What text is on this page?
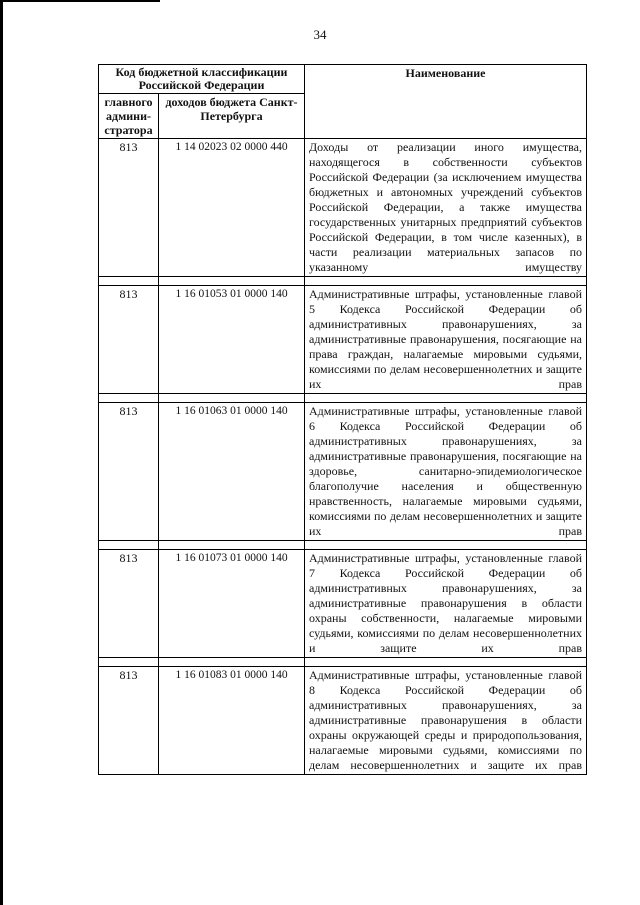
34
Код бюджетной классификации Российской Федерации		Наименование
главного админи-стратора	доходов бюджета Санкт-Петербурга	
813	1 14 02023 02 0000 440	Доходы от реализации иного имущества, находящегося в собственности субъектов Российской Федерации (за исключением имущества бюджетных и автономных учреждений субъектов Российской Федерации, а также имущества государственных унитарных предприятий субъектов Российской Федерации, в том числе казенных), в части реализации материальных запасов по указанному имуществу

813	1 16 01053 01 0000 140	Административные штрафы, установленные главой 5 Кодекса Российской Федерации об административных правонарушениях, за административные правонарушения, посягающие на права граждан, налагаемые мировыми судьями, комиссиями по делам несовершеннолетних и защите их прав

813	1 16 01063 01 0000 140	Административные штрафы, установленные главой 6 Кодекса Российской Федерации об административных правонарушениях, за административные правонарушения, посягающие на здоровье, санитарно-эпидемиологическое благополучие населения и общественную нравственность, налагаемые мировыми судьями, комиссиями по делам несовершеннолетних и защите их прав

813	1 16 01073 01 0000 140	Административные штрафы, установленные главой 7 Кодекса Российской Федерации об административных правонарушениях, за административные правонарушения в области охраны собственности, налагаемые мировыми судьями, комиссиями по делам несовершеннолетних и защите их прав

813	1 16 01083 01 0000 140	Административные штрафы, установленные главой 8 Кодекса Российской Федерации об административных правонарушениях, за административные правонарушения в области охраны окружающей среды и природопользования, налагаемые мировыми судьями, комиссиями по делам несовершеннолетних и защите их прав
